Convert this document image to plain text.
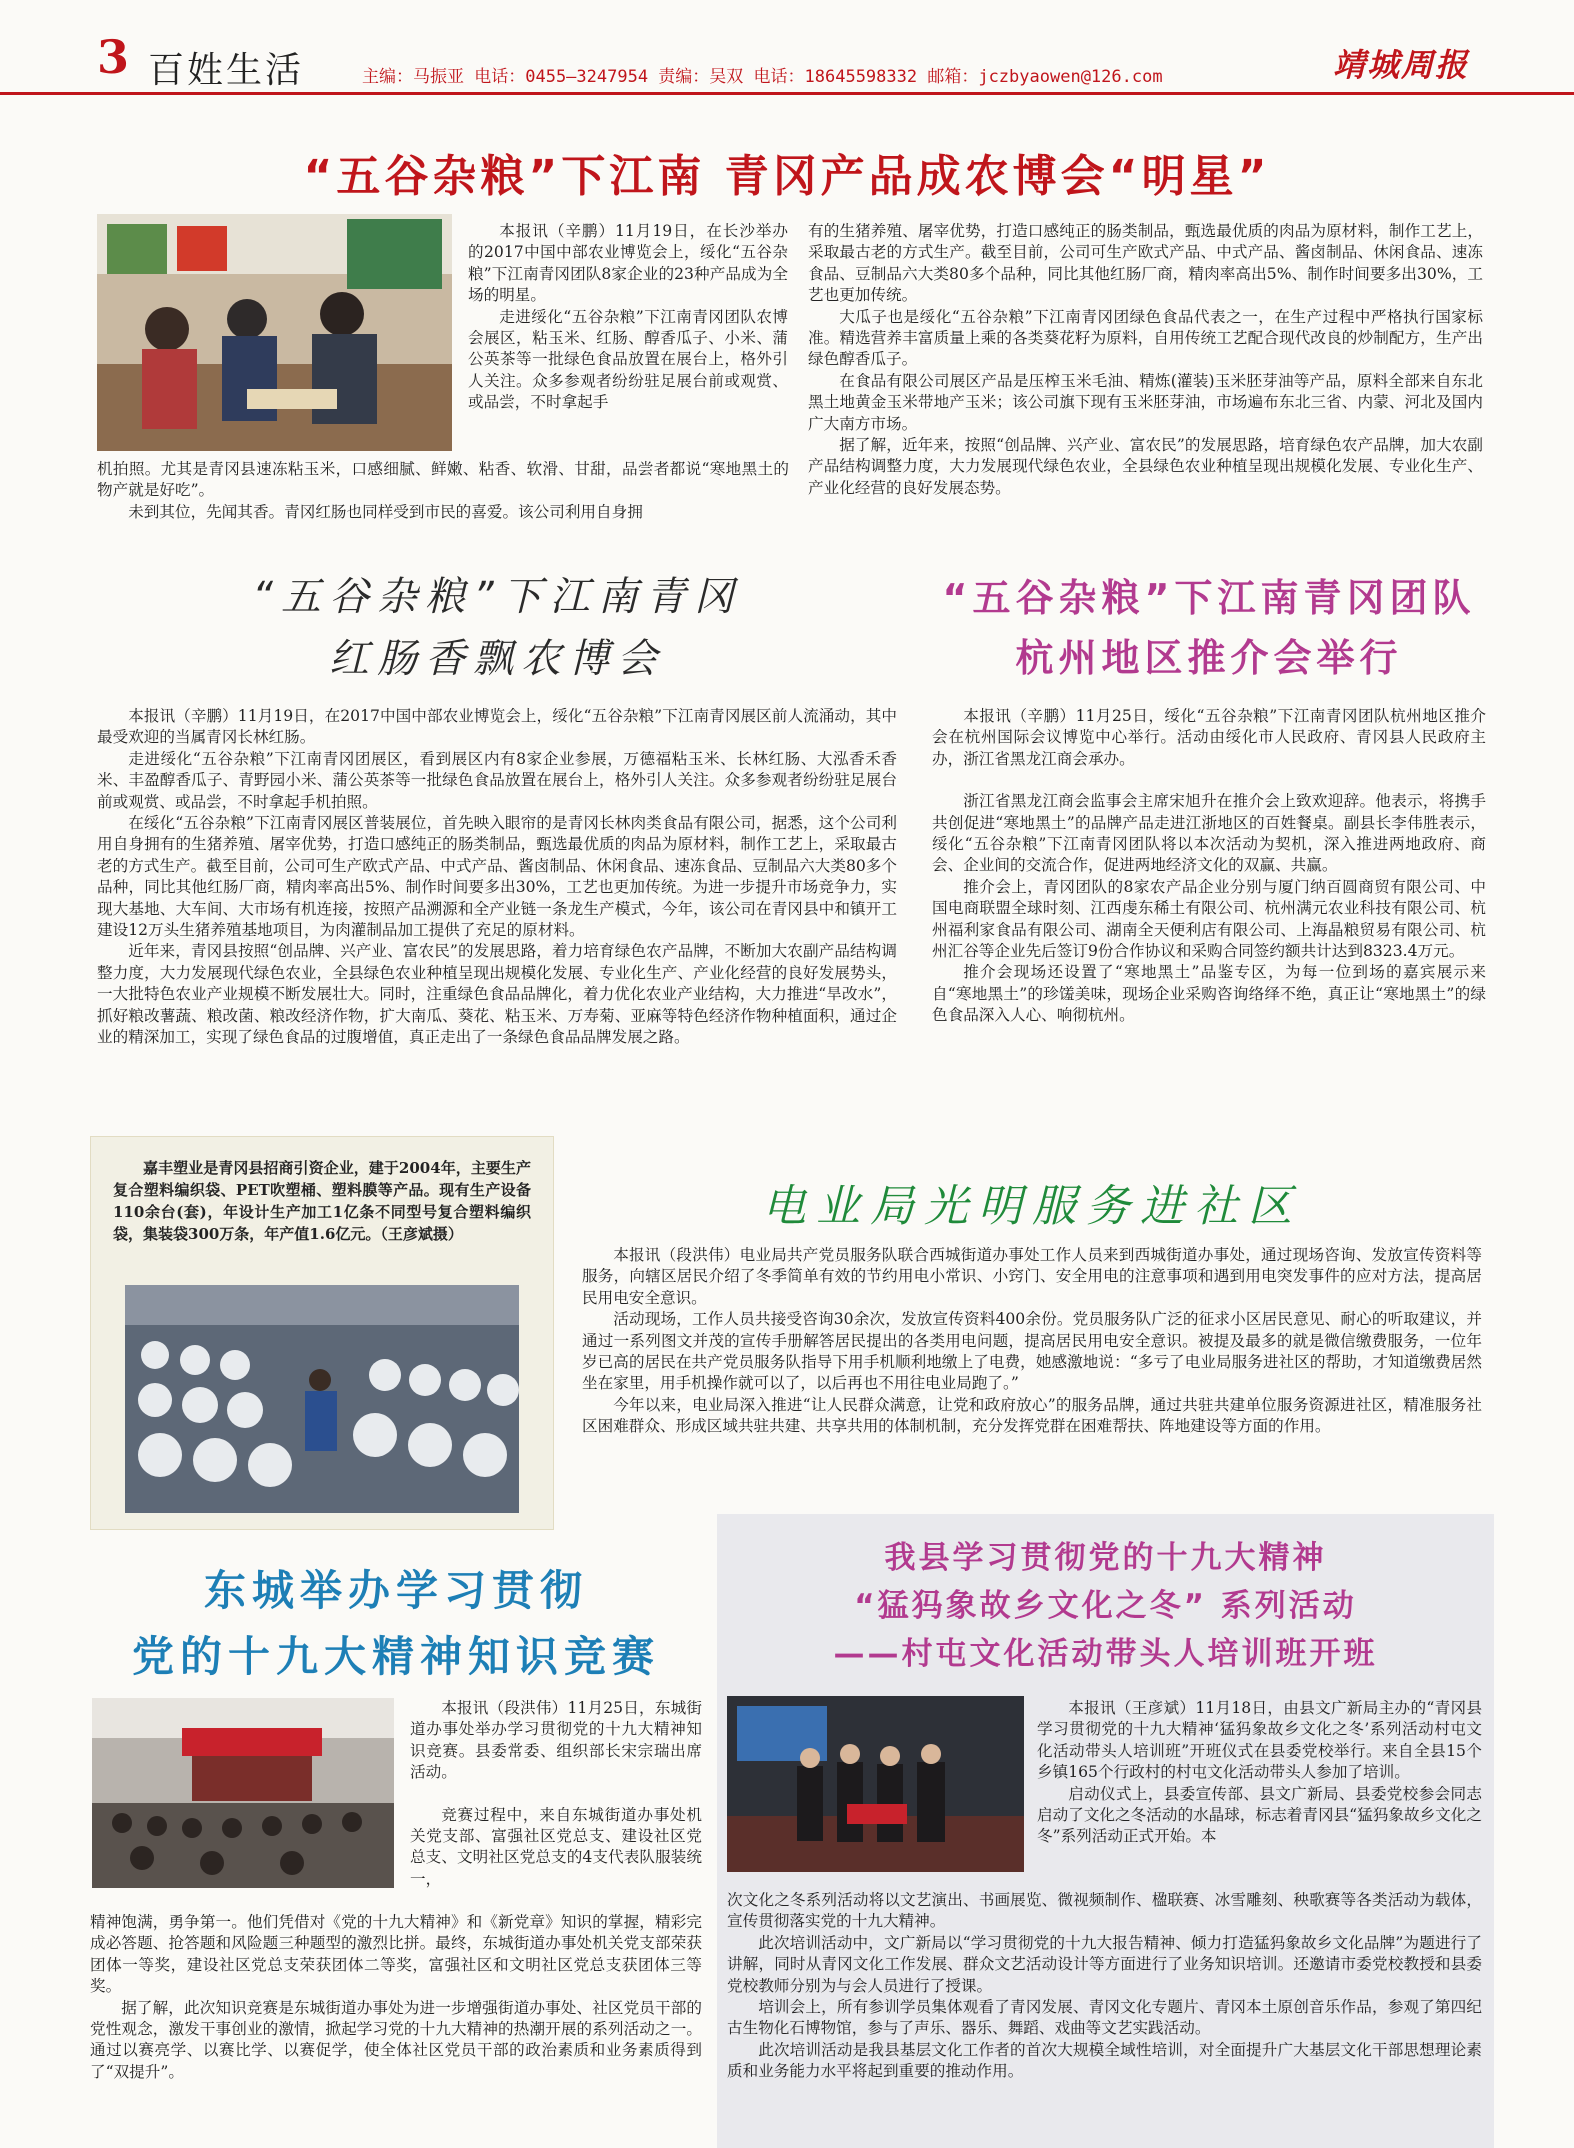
3 百姓生活	主编：马振亚 电话：0455—3247954 责编：吴双 电话：18645598332 邮箱：jczbyaowen@126.com	靖城周报
“五谷杂粮”下江南 青冈产品成农博会“明星”

本报讯（辛鹏）11月19日，在长沙举办的2017中国中部农业博览会上，绥化“五谷杂粮”下江南青冈团队8家企业的23种产品成为全场的明星。

走进绥化“五谷杂粮”下江南青冈团队农博会展区，粘玉米、红肠、醇香瓜子、小米、蒲公英茶等一批绿色食品放置在展台上，格外引人关注。众多参观者纷纷驻足展台前或观赏、或品尝，不时拿起手

机拍照。尤其是青冈县速冻粘玉米，口感细腻、鲜嫩、粘香、软滑、甘甜，品尝者都说“寒地黑土的物产就是好吃”。

未到其位，先闻其香。青冈红肠也同样受到市民的喜爱。该公司利用自身拥

有的生猪养殖、屠宰优势，打造口感纯正的肠类制品，甄选最优质的肉品为原材料，制作工艺上，采取最古老的方式生产。截至目前，公司可生产欧式产品、中式产品、酱卤制品、休闲食品、速冻食品、豆制品六大类80多个品种，同比其他红肠厂商，精肉率高出5%、制作时间要多出30%，工艺也更加传统。

大瓜子也是绥化“五谷杂粮”下江南青冈团绿色食品代表之一，在生产过程中严格执行国家标准。精选营养丰富质量上乘的各类葵花籽为原料，自用传统工艺配合现代改良的炒制配方，生产出绿色醇香瓜子。

在食品有限公司展区产品是压榨玉米毛油、精炼(灌装)玉米胚芽油等产品，原料全部来自东北黑土地黄金玉米带地产玉米；该公司旗下现有玉米胚芽油，市场遍布东北三省、内蒙、河北及国内广大南方市场。

据了解，近年来，按照“创品牌、兴产业、富农民”的发展思路，培育绿色农产品牌，加大农副产品结构调整力度，大力发展现代绿色农业，全县绿色农业种植呈现出规模化发展、专业化生产、产业化经营的良好发展态势。

“五谷杂粮”下江南青冈
红肠香飘农博会

本报讯（辛鹏）11月19日，在2017中国中部农业博览会上，绥化“五谷杂粮”下江南青冈展区前人流涌动，其中最受欢迎的当属青冈长林红肠。

走进绥化“五谷杂粮”下江南青冈团展区，看到展区内有8家企业参展，万德福粘玉米、长林红肠、大泓香禾香米、丰盈醇香瓜子、青野园小米、蒲公英茶等一批绿色食品放置在展台上，格外引人关注。众多参观者纷纷驻足展台前或观赏、或品尝，不时拿起手机拍照。

在绥化“五谷杂粮”下江南青冈展区普装展位，首先映入眼帘的是青冈长林肉类食品有限公司，据悉，这个公司利用自身拥有的生猪养殖、屠宰优势，打造口感纯正的肠类制品，甄选最优质的肉品为原材料，制作工艺上，采取最古老的方式生产。截至目前，公司可生产欧式产品、中式产品、酱卤制品、休闲食品、速冻食品、豆制品六大类80多个品种，同比其他红肠厂商，精肉率高出5%、制作时间要多出30%，工艺也更加传统。为进一步提升市场竞争力，实现大基地、大车间、大市场有机连接，按照产品溯源和全产业链一条龙生产模式，今年，该公司在青冈县中和镇开工建设12万头生猪养殖基地项目，为肉灌制品加工提供了充足的原材料。

近年来，青冈县按照“创品牌、兴产业、富农民”的发展思路，着力培育绿色农产品牌，不断加大农副产品结构调整力度，大力发展现代绿色农业，全县绿色农业种植呈现出规模化发展、专业化生产、产业化经营的良好发展势头，一大批特色农业产业规模不断发展壮大。同时，注重绿色食品品牌化，着力优化农业产业结构，大力推进“旱改水”，抓好粮改薯蔬、粮改菌、粮改经济作物，扩大南瓜、葵花、粘玉米、万寿菊、亚麻等特色经济作物种植面积，通过企业的精深加工，实现了绿色食品的过腹增值，真正走出了一条绿色食品品牌发展之路。

“五谷杂粮”下江南青冈团队
杭州地区推介会举行

本报讯（辛鹏）11月25日，绥化“五谷杂粮”下江南青冈团队杭州地区推介会在杭州国际会议博览中心举行。活动由绥化市人民政府、青冈县人民政府主办，浙江省黑龙江商会承办。

浙江省黑龙江商会监事会主席宋旭升在推介会上致欢迎辞。他表示，将携手共创促进“寒地黑土”的品牌产品走进江浙地区的百姓餐桌。副县长李伟胜表示，绥化“五谷杂粮”下江南青冈团队将以本次活动为契机，深入推进两地政府、商会、企业间的交流合作，促进两地经济文化的双赢、共赢。

推介会上，青冈团队的8家农产品企业分别与厦门纳百圆商贸有限公司、中国电商联盟全球时刻、江西虔东稀土有限公司、杭州满元农业科技有限公司、杭州福利家食品有限公司、湖南全天便利店有限公司、上海晶粮贸易有限公司、杭州汇谷等企业先后签订9份合作协议和采购合同签约额共计达到8323.4万元。

推介会现场还设置了“寒地黑土”品鉴专区，为每一位到场的嘉宾展示来自“寒地黑土”的珍馐美味，现场企业采购咨询络绎不绝，真正让“寒地黑土”的绿色食品深入人心、响彻杭州。

嘉丰塑业是青冈县招商引资企业，建于2004年，主要生产复合塑料编织袋、PET吹塑桶、塑料膜等产品。现有生产设备110余台(套)，年设计生产加工1亿条不同型号复合塑料编织袋，集装袋300万条，年产值1.6亿元。（王彦斌摄）
电业局光明服务进社区

本报讯（段洪伟）电业局共产党员服务队联合西城街道办事处工作人员来到西城街道办事处，通过现场咨询、发放宣传资料等服务，向辖区居民介绍了冬季简单有效的节约用电小常识、小窍门、安全用电的注意事项和遇到用电突发事件的应对方法，提高居民用电安全意识。

活动现场，工作人员共接受咨询30余次，发放宣传资料400余份。党员服务队广泛的征求小区居民意见、耐心的听取建议，并通过一系列图文并茂的宣传手册解答居民提出的各类用电问题，提高居民用电安全意识。被提及最多的就是微信缴费服务，一位年岁已高的居民在共产党员服务队指导下用手机顺利地缴上了电费，她感激地说：“多亏了电业局服务进社区的帮助，才知道缴费居然坐在家里，用手机操作就可以了，以后再也不用往电业局跑了。”

今年以来，电业局深入推进“让人民群众满意，让党和政府放心”的服务品牌，通过共驻共建单位服务资源进社区，精准服务社区困难群众、形成区域共驻共建、共享共用的体制机制，充分发挥党群在困难帮扶、阵地建设等方面的作用。

东城举办学习贯彻
党的十九大精神知识竞赛

本报讯（段洪伟）11月25日，东城街道办事处举办学习贯彻党的十九大精神知识竞赛。县委常委、组织部长宋宗瑞出席活动。

竞赛过程中，来自东城街道办事处机关党支部、富强社区党总支、建设社区党总支、文明社区党总支的4支代表队服装统一，

精神饱满，勇争第一。他们凭借对《党的十九大精神》和《新党章》知识的掌握，精彩完成必答题、抢答题和风险题三种题型的激烈比拼。最终，东城街道办事处机关党支部荣获团体一等奖，建设社区党总支荣获团体二等奖，富强社区和文明社区党总支获团体三等奖。

据了解，此次知识竞赛是东城街道办事处为进一步增强街道办事处、社区党员干部的党性观念，激发干事创业的激情，掀起学习党的十九大精神的热潮开展的系列活动之一。通过以赛亮学、以赛比学、以赛促学，使全体社区党员干部的政治素质和业务素质得到了“双提升”。

我县学习贯彻党的十九大精神
“猛犸象故乡文化之冬” 系列活动
——村屯文化活动带头人培训班开班

本报讯（王彦斌）11月18日，由县文广新局主办的“青冈县学习贯彻党的十九大精神‘猛犸象故乡文化之冬’系列活动村屯文化活动带头人培训班”开班仪式在县委党校举行。来自全县15个乡镇165个行政村的村屯文化活动带头人参加了培训。

启动仪式上，县委宣传部、县文广新局、县委党校参会同志启动了文化之冬活动的水晶球，标志着青冈县“猛犸象故乡文化之冬”系列活动正式开始。本

次文化之冬系列活动将以文艺演出、书画展览、微视频制作、楹联赛、冰雪雕刻、秧歌赛等各类活动为载体，宣传贯彻落实党的十九大精神。

此次培训活动中，文广新局以“学习贯彻党的十九大报告精神、倾力打造猛犸象故乡文化品牌”为题进行了讲解，同时从青冈文化工作发展、群众文艺活动设计等方面进行了业务知识培训。还邀请市委党校教授和县委党校教师分别为与会人员进行了授课。

培训会上，所有参训学员集体观看了青冈发展、青冈文化专题片、青冈本土原创音乐作品，参观了第四纪古生物化石博物馆，参与了声乐、器乐、舞蹈、戏曲等文艺实践活动。

此次培训活动是我县基层文化工作者的首次大规模全域性培训，对全面提升广大基层文化干部思想理论素质和业务能力水平将起到重要的推动作用。
